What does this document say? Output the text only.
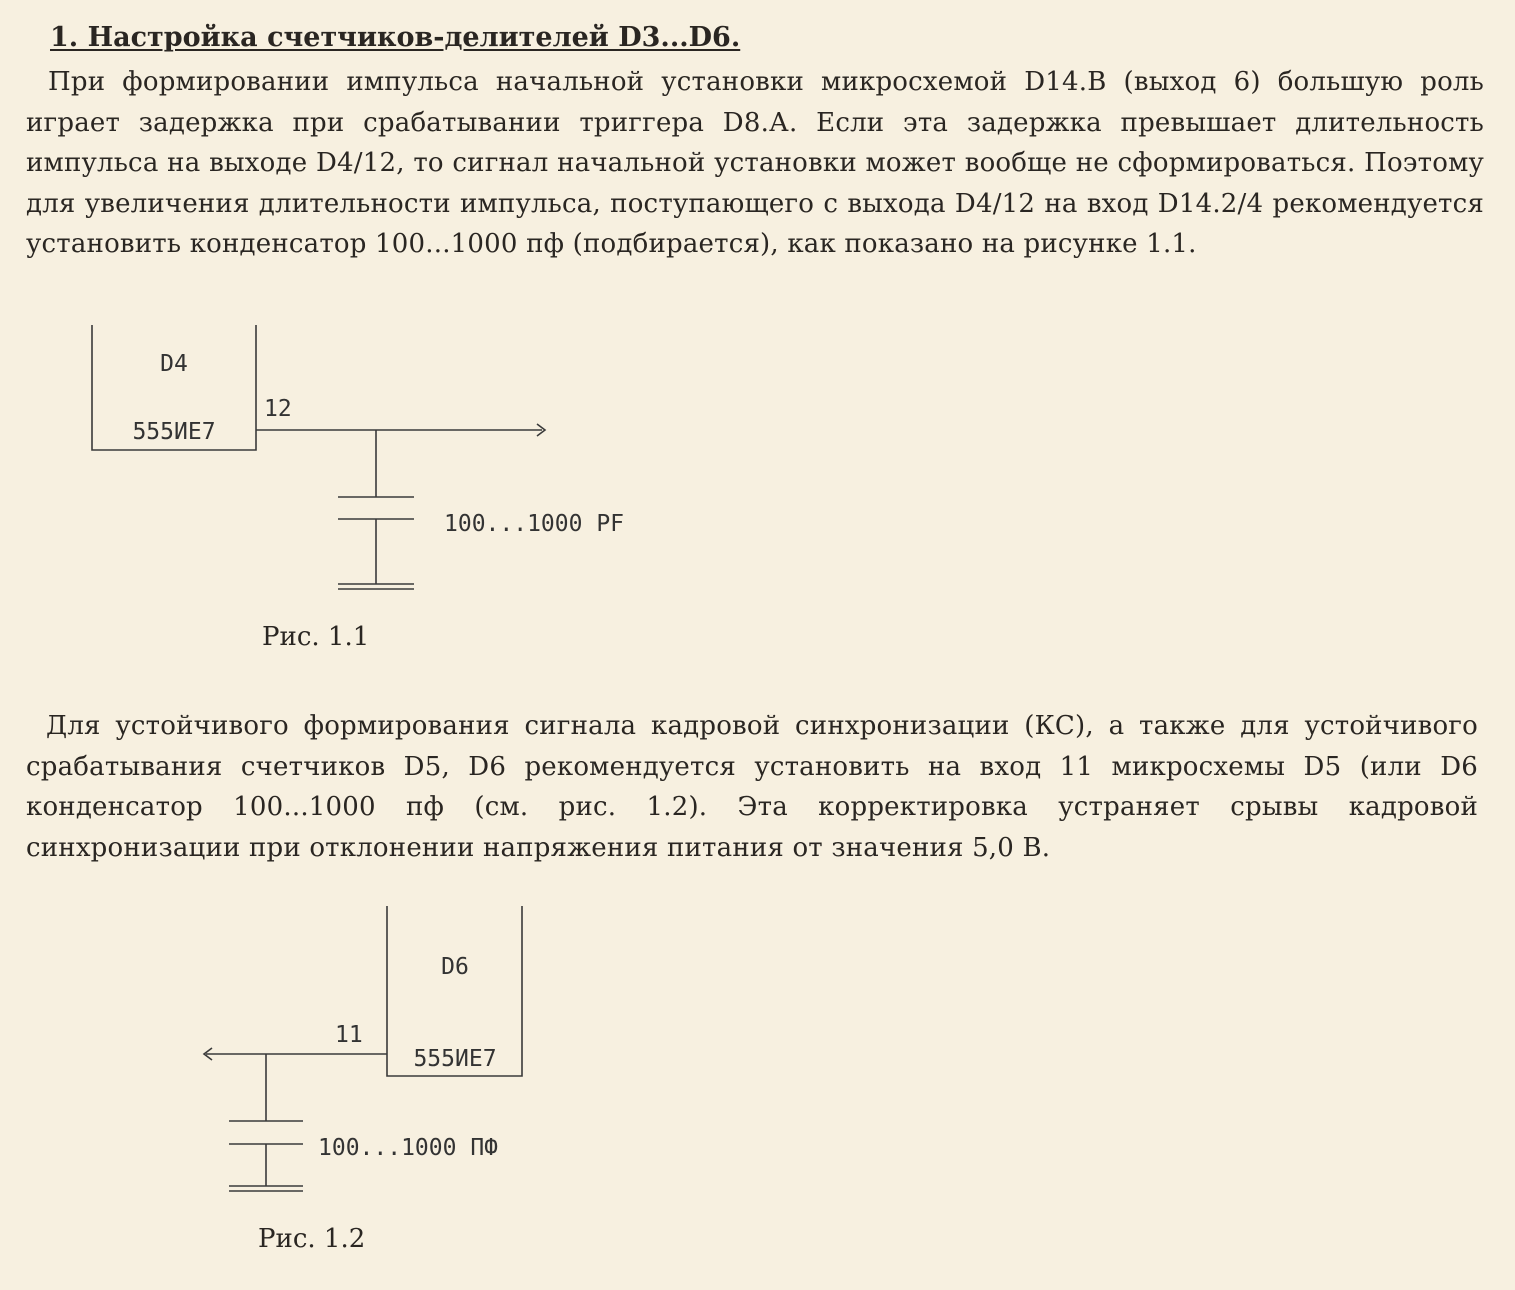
1. Настройка счетчиков-делителей D3...D6.

При формировании импульса начальной установки микросхемой D14.В (выход 6) большую роль играет задержка при срабатывании триггера D8.А. Если эта задержка превышает длительность импульса на выходе D4/12, то сигнал начальной установки может вообще не сформироваться. Поэтому для увеличения длительности импульса, поступающего с выхода D4/12 на вход D14.2/4 рекомендуется установить конденсатор 100...1000 пф (подбирается), как показано на рисунке 1.1.

D4
555ИЕ7
12
100...1000 PF
D6
555ИЕ7
11
100...1000 ПФ

Рис. 1.1

Для устойчивого формирования сигнала кадровой синхронизации (КС), а также для устойчивого срабатывания счетчиков D5, D6 рекомендуется установить на вход 11 микросхемы D5 (или D6 конденсатор 100...1000 пф (см. рис. 1.2). Эта корректировка устраняет срывы кадровой синхронизации при отклонении напряжения питания от значения 5,0 В.

Рис. 1.2
